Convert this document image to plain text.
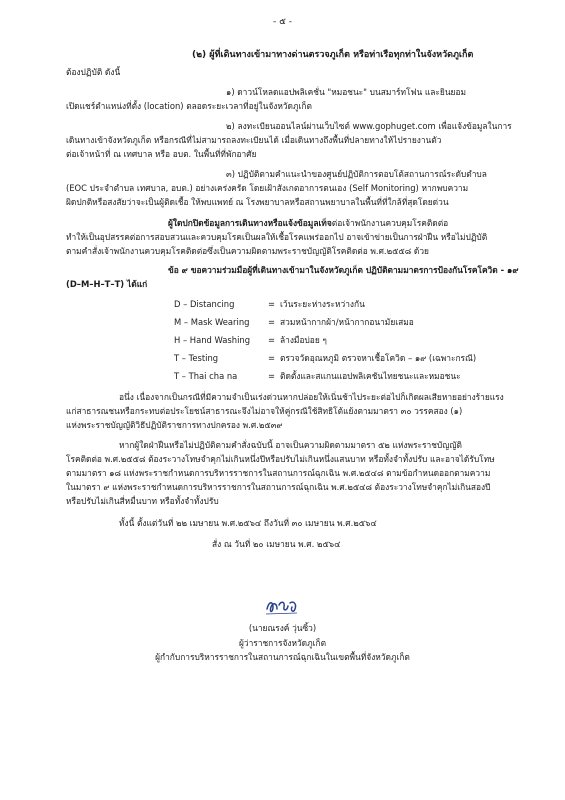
- ๕ -
(๒) ผู้ที่เดินทางเข้ามาทางด่านตรวจภูเก็ต หรือท่าเรือทุกท่าในจังหวัดภูเก็ต
ต้องปฏิบัติ ดังนี้
๑) ดาวน์โหลดแอปพลิเคชั่น "หมอชนะ" บนสมาร์ทโฟน และยินยอม
เปิดแชร์ตำแหน่งที่ตั้ง (location) ตลอดระยะเวลาที่อยู่ในจังหวัดภูเก็ต
๒) ลงทะเบียนออนไลน์ผ่านเว็บไซต์ www.gophuget.com เพื่อแจ้งข้อมูลในการ
เดินทางเข้าจังหวัดภูเก็ต หรือกรณีที่ไม่สามารถลงทะเบียนได้ เมื่อเดินทางถึงพื้นที่ปลายทางให้ไปรายงานตัว
ต่อเจ้าหน้าที่ ณ เทศบาล หรือ อบต. ในพื้นที่ที่พักอาศัย
๓) ปฏิบัติตามคำแนะนำของศูนย์ปฏิบัติการตอบโต้สถานการณ์ระดับตำบล
(EOC ประจำตำบล เทศบาล, อบต.) อย่างเคร่งครัด โดยเฝ้าสังเกตอาการตนเอง (Self Monitoring) หากพบความ
ผิดปกติหรือสงสัยว่าจะเป็นผู้ติดเชื้อ ให้พบแพทย์ ณ โรงพยาบาลหรือสถานพยาบาลในพื้นที่ที่ใกล้ที่สุดโดยด่วน
ผู้ใดปกปิดข้อมูลการเดินทางหรือแจ้งข้อมูลเท็จต่อเจ้าพนักงานควบคุมโรคติดต่อ
ทำให้เป็นอุปสรรคต่อการสอบสวนและควบคุมโรคเป็นผลให้เชื้อโรคแพร่ออกไป อาจเข้าข่ายเป็นการฝ่าฝืน หรือไม่ปฏิบัติ
ตามคำสั่งเจ้าพนักงานควบคุมโรคติดต่อซึ่งเป็นความผิดตามพระราชบัญญัติโรคติดต่อ พ.ศ.๒๕๕๘ ด้วย
ข้อ ๙ ขอความร่วมมือผู้ที่เดินทางเข้ามาในจังหวัดภูเก็ต ปฏิบัติตามมาตรการป้องกันโรคโควิด - ๑๙
(D–M–H–T–T) ได้แก่
D – Distancing	= เว้นระยะห่างระหว่างกัน
M – Mask Wearing = สวมหน้ากากผ้า/หน้ากากอนามัยเสมอ
H – Hand Washing = ล้างมือบ่อย ๆ
T – Testing	= ตรวจวัดอุณหภูมิ ตรวจหาเชื้อโควิด – ๑๙ (เฉพาะกรณี)
T – Thai cha na	= ติดตั้งและสแกนแอปพลิเคชันไทยชนะและหมอชนะ
อนึ่ง เนื่องจากเป็นกรณีที่มีความจำเป็นเร่งด่วนหากปล่อยให้เนิ่นช้าไประยะต่อไปก็เกิดผลเสียหายอย่างร้ายแรง
แก่สาธารณชนหรือกระทบต่อประโยชน์สาธารณะจึงไม่อาจให้คู่กรณีใช้สิทธิโต้แย้งตามมาตรา ๓๐ วรรคสอง (๑)
แห่งพระราชบัญญัติวิธีปฏิบัติราชการทางปกครอง พ.ศ.๒๕๓๙
หากผู้ใดฝ่าฝืนหรือไม่ปฏิบัติตามคำสั่งฉบับนี้ อาจเป็นความผิดตามมาตรา ๕๒ แห่งพระราชบัญญัติ
โรคติดต่อ พ.ศ.๒๕๕๘ ต้องระวางโทษจำคุกไม่เกินหนึ่งปีหรือปรับไม่เกินหนึ่งแสนบาท หรือทั้งจำทั้งปรับ และอาจได้รับโทษ
ตามมาตรา ๑๘ แห่งพระราชกำหนดการบริหารราชการในสถานการณ์ฉุกเฉิน พ.ศ.๒๕๔๘ ตามข้อกำหนดออกตามความ
ในมาตรา ๙ แห่งพระราชกำหนดการบริหารราชการในสถานการณ์ฉุกเฉิน พ.ศ.๒๕๔๘ ต้องระวางโทษจำคุกไม่เกินสองปี
หรือปรับไม่เกินสี่หมื่นบาท หรือทั้งจำทั้งปรับ
ทั้งนี้ ตั้งแต่วันที่ ๒๒ เมษายน พ.ศ.๒๕๖๔ ถึงวันที่ ๓๐ เมษายน พ.ศ.๒๕๖๔
สั่ง ณ วันที่ ๒๐ เมษายน พ.ศ. ๒๕๖๔
(นายณรงค์ วุ่นซิ้ว)
ผู้ว่าราชการจังหวัดภูเก็ต
ผู้กำกับการบริหารราชการในสถานการณ์ฉุกเฉินในเขตพื้นที่จังหวัดภูเก็ต
